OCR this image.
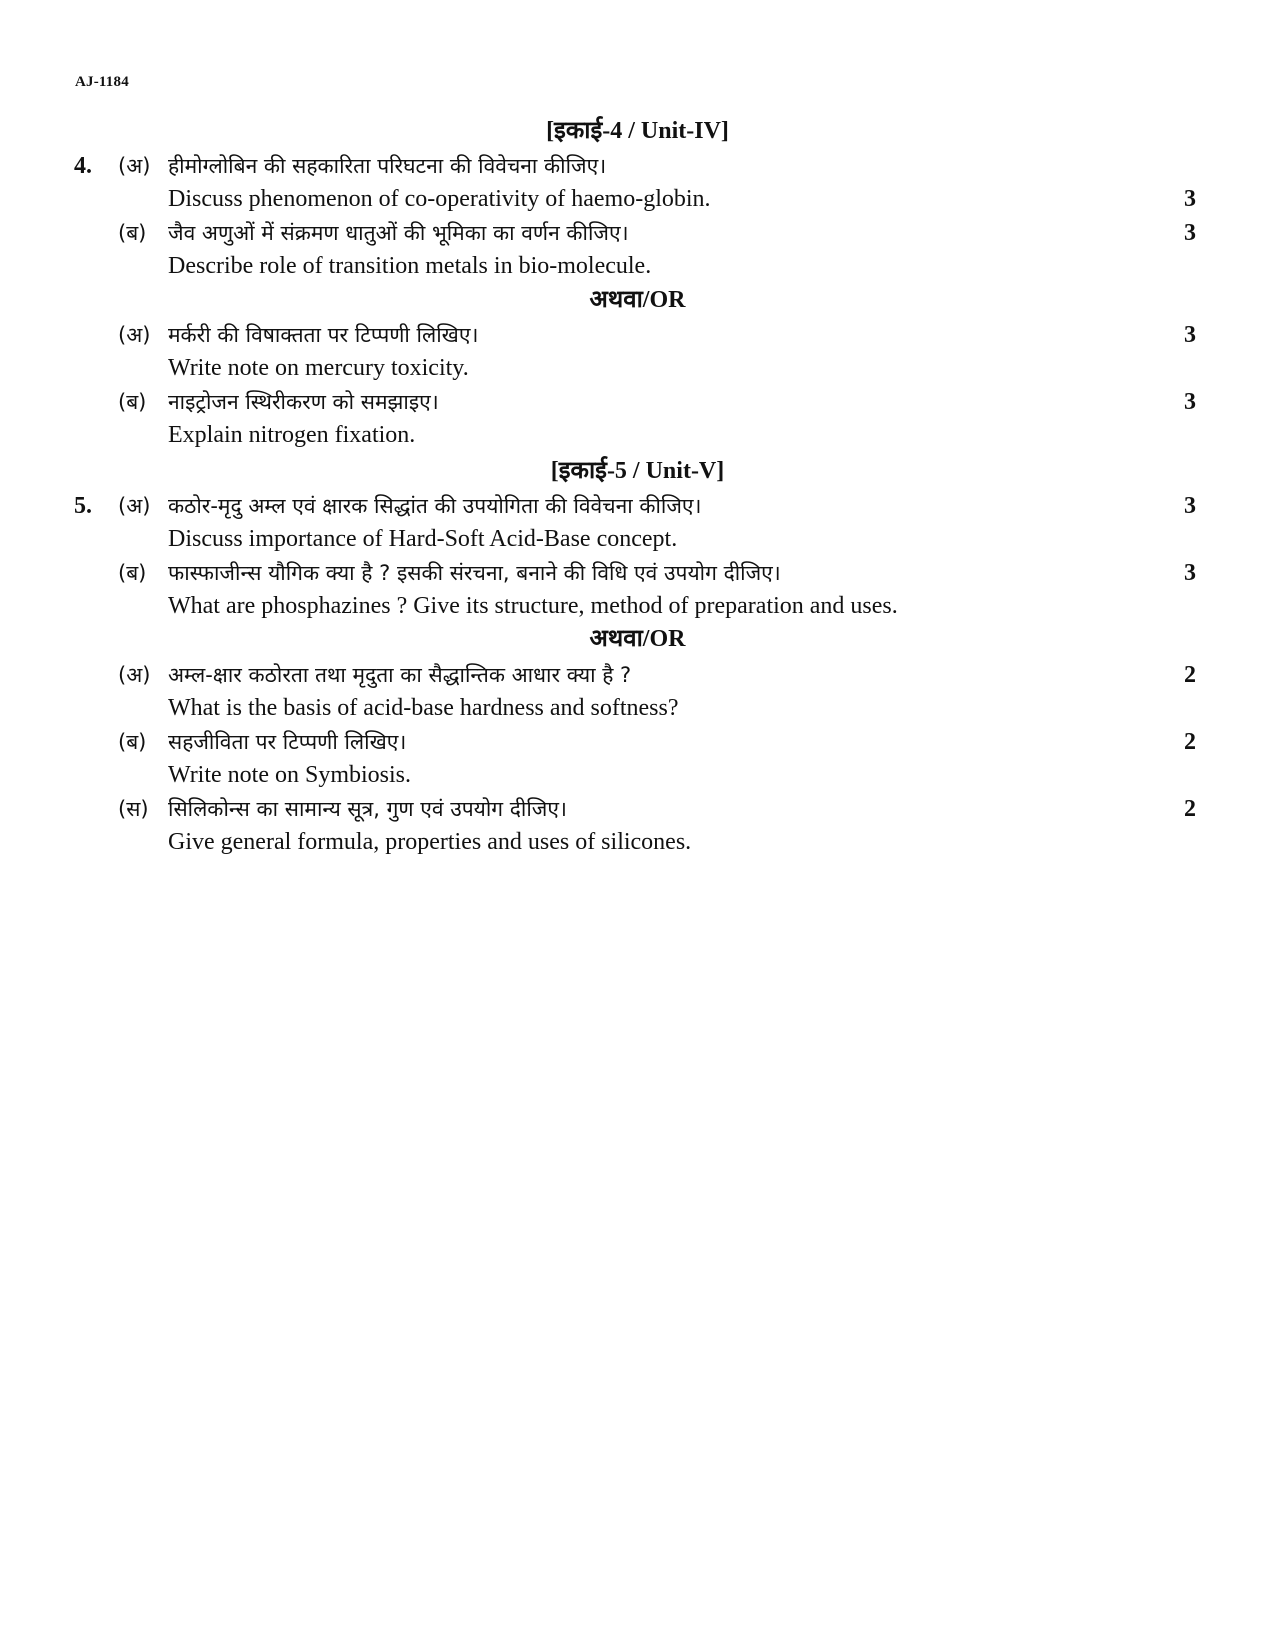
AJ-1184
[इकाई-4 / Unit-IV]
4. (अ) हीमोग्लोबिन की सहकारिता परिघटना की विवेचना कीजिए।
Discuss phenomenon of co-operativity of haemo-globin.	3
(ब) जैव अणुओं में संक्रमण धातुओं की भूमिका का वर्णन कीजिए।	3
Describe role of transition metals in bio-molecule.
अथवा/OR
(अ) मर्करी की विषाक्तता पर टिप्पणी लिखिए।	3
Write note on mercury toxicity.
(ब) नाइट्रोजन स्थिरीकरण को समझाइए।	3
Explain nitrogen fixation.
[इकाई-5 / Unit-V]
5. (अ) कठोर-मृदु अम्ल एवं क्षारक सिद्धांत की उपयोगिता की विवेचना कीजिए।	3
Discuss importance of Hard-Soft Acid-Base concept.
(ब) फास्फाजीन्स यौगिक क्या है ? इसकी संरचना, बनाने की विधि एवं उपयोग दीजिए।	3
What are phosphazines ? Give its structure, method of preparation and uses.
अथवा/OR
(अ) अम्ल-क्षार कठोरता तथा मृदुता का सैद्धान्तिक आधार क्या है ?	2
What is the basis of acid-base hardness and softness?
(ब) सहजीविता पर टिप्पणी लिखिए।	2
Write note on Symbiosis.
(स) सिलिकोन्स का सामान्य सूत्र, गुण एवं उपयोग दीजिए।	2
Give general formula, properties and uses of silicones.
